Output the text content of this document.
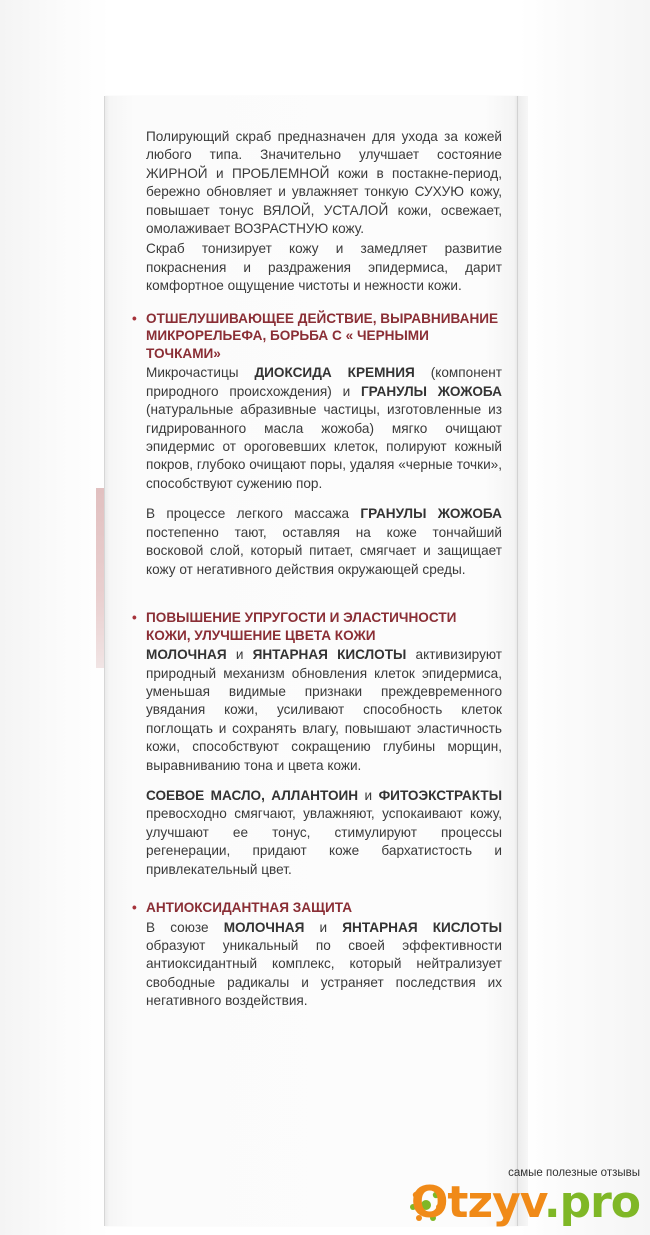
Полирующий скраб предназначен для ухода за кожей любого типа. Значительно улучшает состояние ЖИРНОЙ и ПРОБЛЕМНОЙ кожи в постакне-период, бережно обновляет и увлажняет тонкую СУХУЮ кожу, повышает тонус ВЯЛОЙ, УСТАЛОЙ кожи, освежает, омолаживает ВОЗРАСТНУЮ кожу.

Скраб тонизирует кожу и замедляет развитие покраснения и раздражения эпидермиса, дарит комфортное ощущение чистоты и нежности кожи.

• ОТШЕЛУШИВАЮЩЕЕ ДЕЙСТВИЕ, ВЫРАВНИВАНИЕ МИКРОРЕЛЬЕФА, БОРЬБА С « ЧЕРНЫМИ ТОЧКАМИ»

Микрочастицы ДИОКСИДА КРЕМНИЯ (компонент природного происхождения) и ГРАНУЛЫ ЖОЖОБА (натуральные абразивные частицы, изготовленные из гидрированного масла жожоба) мягко очищают эпидермис от ороговевших клеток, полируют кожный покров, глубоко очищают поры, удаляя «черные точки», способствуют сужению пор.

В процессе легкого массажа ГРАНУЛЫ ЖОЖОБА постепенно тают, оставляя на коже тончайший восковой слой, который питает, смягчает и защищает кожу от негативного действия окружающей среды.

• ПОВЫШЕНИЕ УПРУГОСТИ И ЭЛАСТИЧНОСТИ КОЖИ, УЛУЧШЕНИЕ ЦВЕТА КОЖИ

МОЛОЧНАЯ и ЯНТАРНАЯ КИСЛОТЫ активизируют природный механизм обновления клеток эпидермиса, уменьшая видимые признаки преждевременного увядания кожи, усиливают способность клеток поглощать и сохранять влагу, повышают эластичность кожи, способствуют сокращению глубины морщин, выравниванию тона и цвета кожи.

СОЕВОЕ МАСЛО, АЛЛАНТОИН и ФИТОЭКСТРАКТЫ превосходно смягчают, увлажняют, успокаивают кожу, улучшают ее тонус, стимулируют процессы регенерации, придают коже бархатистость и привлекательный цвет.

• АНТИОКСИДАНТНАЯ ЗАЩИТА

В союзе МОЛОЧНАЯ и ЯНТАРНАЯ КИСЛОТЫ образуют уникальный по своей эффективности антиоксидантный комплекс, который нейтрализует свободные радикалы и устраняет последствия их негативного воздействия.

самые полезные отзывы
Otzyv.pro
